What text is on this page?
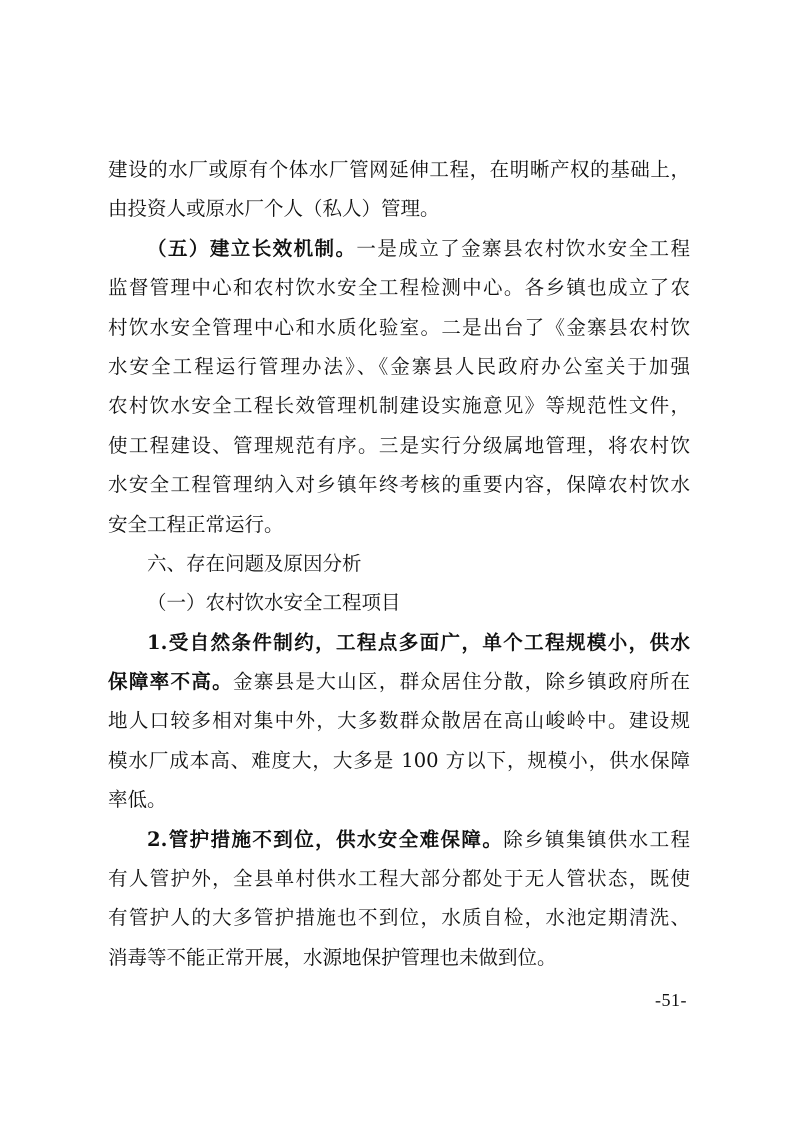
建设的水厂或原有个体水厂管网延伸工程，在明晰产权的基础上，
由投资人或原水厂个人（私人）管理。
（五）建立长效机制。一是成立了金寨县农村饮水安全工程
监督管理中心和农村饮水安全工程检测中心。各乡镇也成立了农
村饮水安全管理中心和水质化验室。二是出台了《金寨县农村饮
水安全工程运行管理办法》、《金寨县人民政府办公室关于加强
农村饮水安全工程长效管理机制建设实施意见》等规范性文件，
使工程建设、管理规范有序。三是实行分级属地管理，将农村饮
水安全工程管理纳入对乡镇年终考核的重要内容，保障农村饮水
安全工程正常运行。
六、存在问题及原因分析
（一）农村饮水安全工程项目
1.受自然条件制约，工程点多面广，单个工程规模小，供水
保障率不高。金寨县是大山区，群众居住分散，除乡镇政府所在
地人口较多相对集中外，大多数群众散居在高山峻岭中。建设规
模水厂成本高、难度大，大多是 100 方以下，规模小，供水保障
率低。
2.管护措施不到位，供水安全难保障。除乡镇集镇供水工程
有人管护外，全县单村供水工程大部分都处于无人管状态，既使
有管护人的大多管护措施也不到位，水质自检，水池定期清洗、
消毒等不能正常开展，水源地保护管理也未做到位。
-51-
